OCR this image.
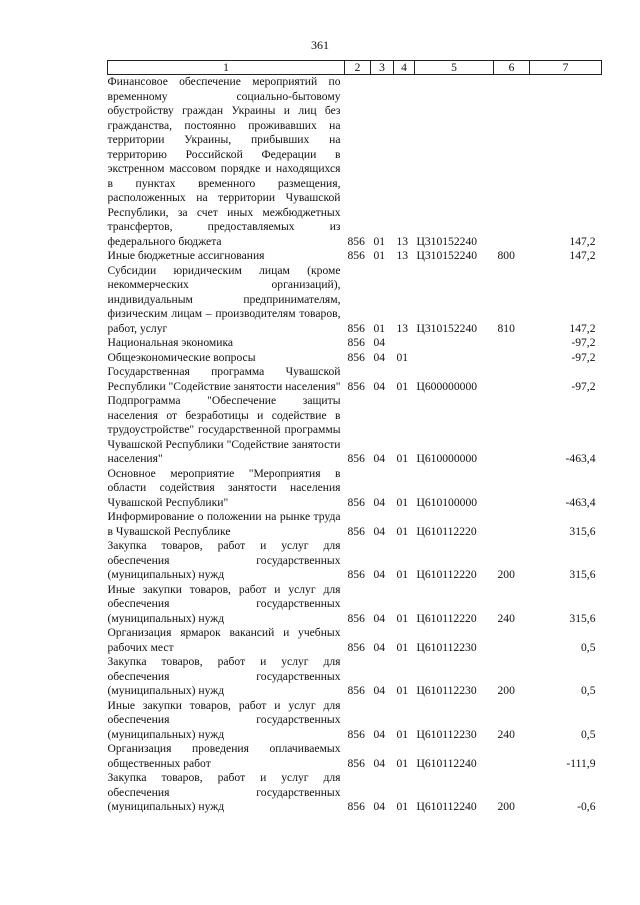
361
1	2	3	4	5	6	7
Финансовое обеспечение мероприятий по временному социально-бытовому обустройству граждан Украины и лиц без гражданства, постоянно проживавших на территории Украины, прибывших на территорию Российской Федерации в экстренном массовом порядке и находящихся в пунктах временного размещения, расположенных на территории Чувашской Республики, за счет иных межбюджетных трансфертов, предоставляемых из федерального бюджета	856	01	13	Ц310152240		147,2
Иные бюджетные ассигнования	856	01	13	Ц310152240	800	147,2
Субсидии юридическим лицам (кроме некоммерческих организаций), индивидуальным предпринимателям, физическим лицам – производителям товаров, работ, услуг	856	01	13	Ц310152240	810	147,2
Национальная экономика	856	04				-97,2
Общеэкономические вопросы	856	04	01			-97,2
Государственная программа Чувашской Республики "Содействие занятости населения"	856	04	01	Ц600000000		-97,2
Подпрограмма "Обеспечение защиты населения от безработицы и содействие в трудоустройстве" государственной программы Чувашской Республики "Содействие занятости населения"	856	04	01	Ц610000000		-463,4
Основное мероприятие "Мероприятия в области содействия занятости населения Чувашской Республики"	856	04	01	Ц610100000		-463,4
Информирование о положении на рынке труда в Чувашской Республике	856	04	01	Ц610112220		315,6
Закупка товаров, работ и услуг для обеспечения государственных (муниципальных) нужд	856	04	01	Ц610112220	200	315,6
Иные закупки товаров, работ и услуг для обеспечения государственных (муниципальных) нужд	856	04	01	Ц610112220	240	315,6
Организация ярмарок вакансий и учебных рабочих мест	856	04	01	Ц610112230		0,5
Закупка товаров, работ и услуг для обеспечения государственных (муниципальных) нужд	856	04	01	Ц610112230	200	0,5
Иные закупки товаров, работ и услуг для обеспечения государственных (муниципальных) нужд	856	04	01	Ц610112230	240	0,5
Организация проведения оплачиваемых общественных работ	856	04	01	Ц610112240		-111,9
Закупка товаров, работ и услуг для обеспечения государственных (муниципальных) нужд	856	04	01	Ц610112240	200	-0,6
